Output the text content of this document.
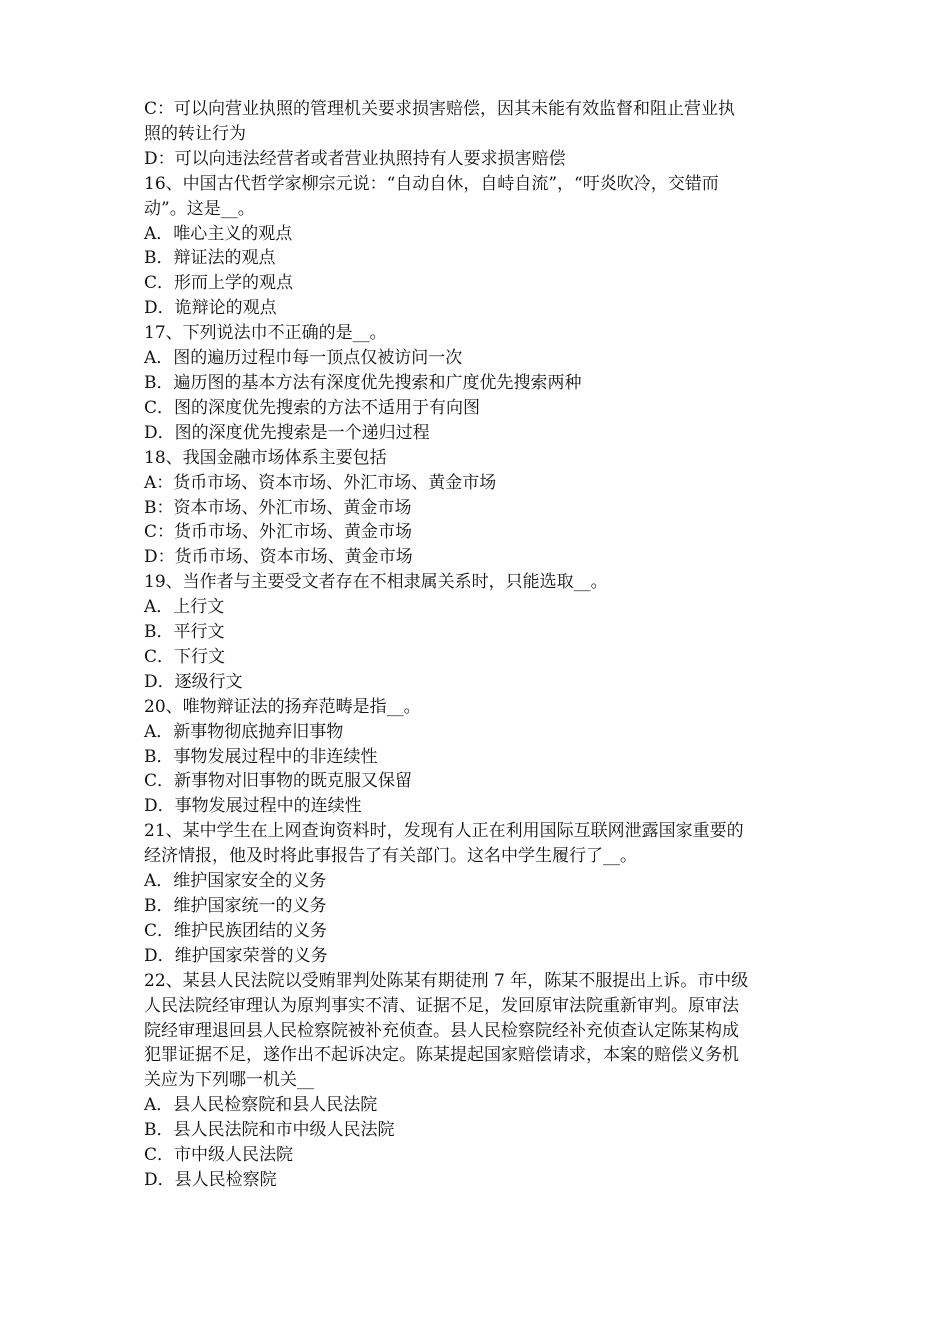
C：可以向营业执照的管理机关要求损害赔偿，因其未能有效监督和阻止营业执
照的转让行为
D：可以向违法经营者或者营业执照持有人要求损害赔偿
16、中国古代哲学家柳宗元说：“自动自休，自峙自流”，“吁炎吹冷，交错而
动”。这是__。
A．唯心主义的观点
B．辩证法的观点
C．形而上学的观点
D．诡辩论的观点
17、下列说法巾不正确的是__。
A．图的遍历过程巾每一顶点仅被访问一次
B．遍历图的基本方法有深度优先搜索和广度优先搜索两种
C．图的深度优先搜索的方法不适用于有向图
D．图的深度优先搜索是一个递归过程
18、我国金融市场体系主要包括
A：货币市场、资本市场、外汇市场、黄金市场
B：资本市场、外汇市场、黄金市场
C：货币市场、外汇市场、黄金市场
D：货币市场、资本市场、黄金市场
19、当作者与主要受文者存在不相隶属关系时，只能选取__。
A．上行文
B．平行文
C．下行文
D．逐级行文
20、唯物辩证法的扬弃范畴是指__。
A．新事物彻底抛弃旧事物
B．事物发展过程中的非连续性
C．新事物对旧事物的既克服又保留
D．事物发展过程中的连续性
21、某中学生在上网查询资料时，发现有人正在利用国际互联网泄露国家重要的
经济情报，他及时将此事报告了有关部门。这名中学生履行了__。
A．维护国家安全的义务
B．维护国家统一的义务
C．维护民族团结的义务
D．维护国家荣誉的义务
22、某县人民法院以受贿罪判处陈某有期徒刑 7 年，陈某不服提出上诉。市中级
人民法院经审理认为原判事实不清、证据不足，发回原审法院重新审判。原审法
院经审理退回县人民检察院被补充侦查。县人民检察院经补充侦查认定陈某构成
犯罪证据不足，遂作出不起诉决定。陈某提起国家赔偿请求，本案的赔偿义务机
关应为下列哪一机关__
A．县人民检察院和县人民法院
B．县人民法院和市中级人民法院
C．市中级人民法院
D．县人民检察院
